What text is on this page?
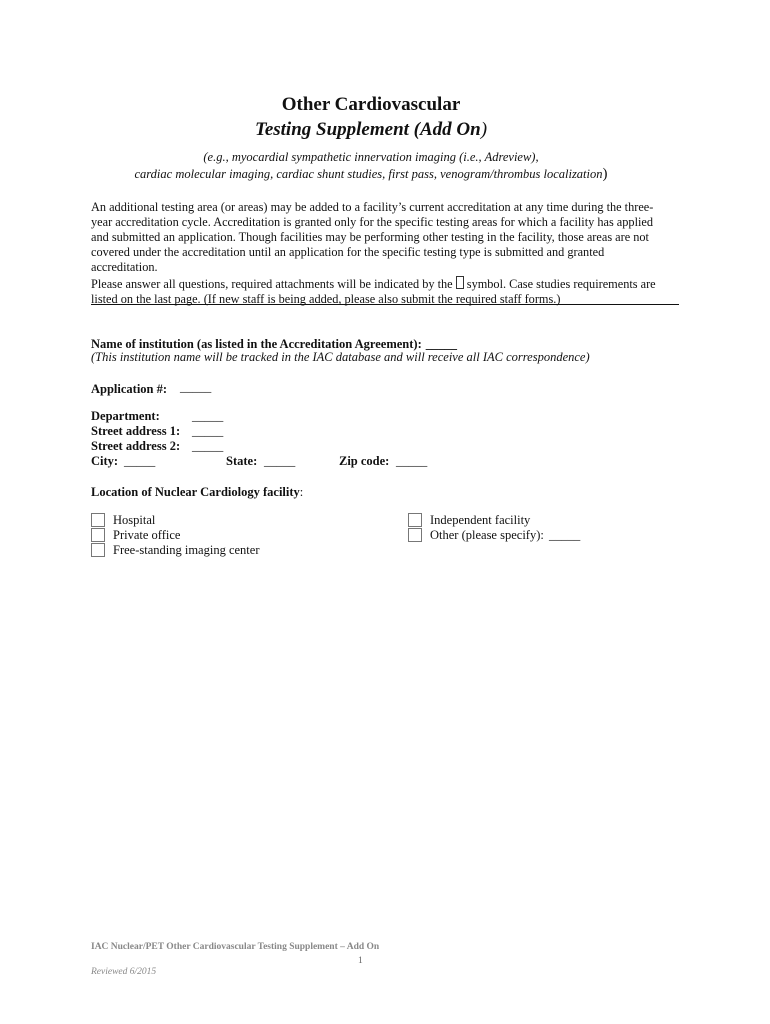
Other Cardiovascular
Testing Supplement (Add On)
(e.g., myocardial sympathetic innervation imaging (i.e., Adreview),
cardiac molecular imaging, cardiac shunt studies, first pass, venogram/thrombus localization)
An additional testing area (or areas) may be added to a facility’s current accreditation at any time during the three-
year accreditation cycle. Accreditation is granted only for the specific testing areas for which a facility has applied
and submitted an application. Though facilities may be performing other testing in the facility, those areas are not
covered under the accreditation until an application for the specific testing type is submitted and granted
accreditation.
Please answer all questions, required attachments will be indicated by the symbol. Case studies requirements are
listed on the last page. (If new staff is being added, please also submit the required staff forms.)
Name of institution (as listed in the Accreditation Agreement): _____
(This institution name will be tracked in the IAC database and will receive all IAC correspondence)
Application #: _____
Department:	_____
Street address 1: _____
Street address 2: _____
City: _____	State: _____	Zip code: _____
Location of Nuclear Cardiology facility:
Hospital
Private office
Free-standing imaging center
Independent facility
Other (please specify): _____
IAC Nuclear/PET Other Cardiovascular Testing Supplement – Add On
1
Reviewed 6/2015
